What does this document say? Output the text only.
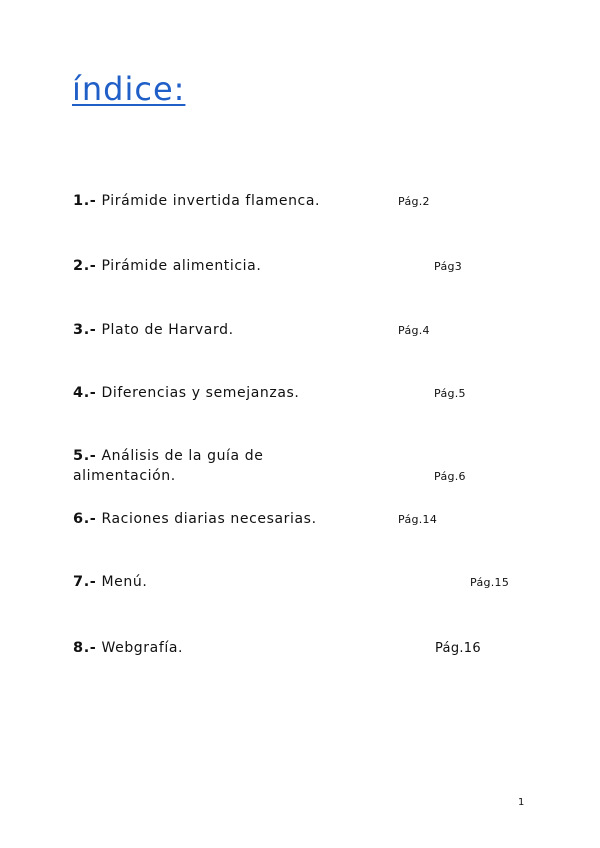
índice:
1.- Pirámide invertida flamenca.	Pág.2
2.- Pirámide alimenticia.	Pág3
3.- Plato de Harvard.	Pág.4
4.- Diferencias y semejanzas.	Pág.5
5.- Análisis de la guía de
alimentación.	Pág.6
6.- Raciones diarias necesarias.	Pág.14
7.- Menú.	Pág.15
8.- Webgrafía.	Pág.16
1
